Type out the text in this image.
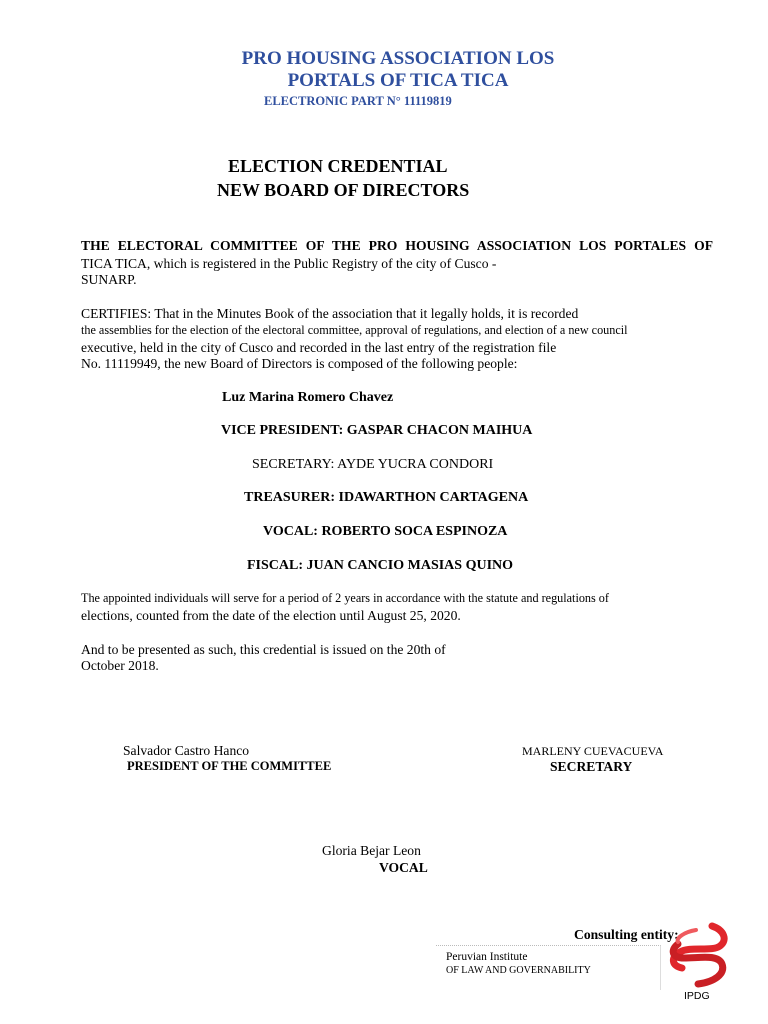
PRO HOUSING ASSOCIATION LOS
PORTALS OF TICA TICA
ELECTRONIC PART N° 11119819
ELECTION CREDENTIAL
NEW BOARD OF DIRECTORS
THE ELECTORAL COMMITTEE OF THE PRO HOUSING ASSOCIATION LOS PORTALES OF
TICA TICA, which is registered in the Public Registry of the city of Cusco -
SUNARP.
CERTIFIES: That in the Minutes Book of the association that it legally holds, it is recorded
the assemblies for the election of the electoral committee, approval of regulations, and election of a new council
executive, held in the city of Cusco and recorded in the last entry of the registration file
No. 11119949, the new Board of Directors is composed of the following people:
Luz Marina Romero Chavez
VICE PRESIDENT: GASPAR CHACON MAIHUA
SECRETARY: AYDE YUCRA CONDORI
TREASURER: IDAWARTHON CARTAGENA
VOCAL: ROBERTO SOCA ESPINOZA
FISCAL: JUAN CANCIO MASIAS QUINO
The appointed individuals will serve for a period of 2 years in accordance with the statute and regulations of
elections, counted from the date of the election until August 25, 2020.
And to be presented as such, this credential is issued on the 20th of
October 2018.
Salvador Castro Hanco
PRESIDENT OF THE COMMITTEE
MARLENY CUEVACUEVA
SECRETARY
Gloria Bejar Leon
VOCAL
Consulting entity:
Peruvian Institute
OF LAW AND GOVERNABILITY
IPDG
